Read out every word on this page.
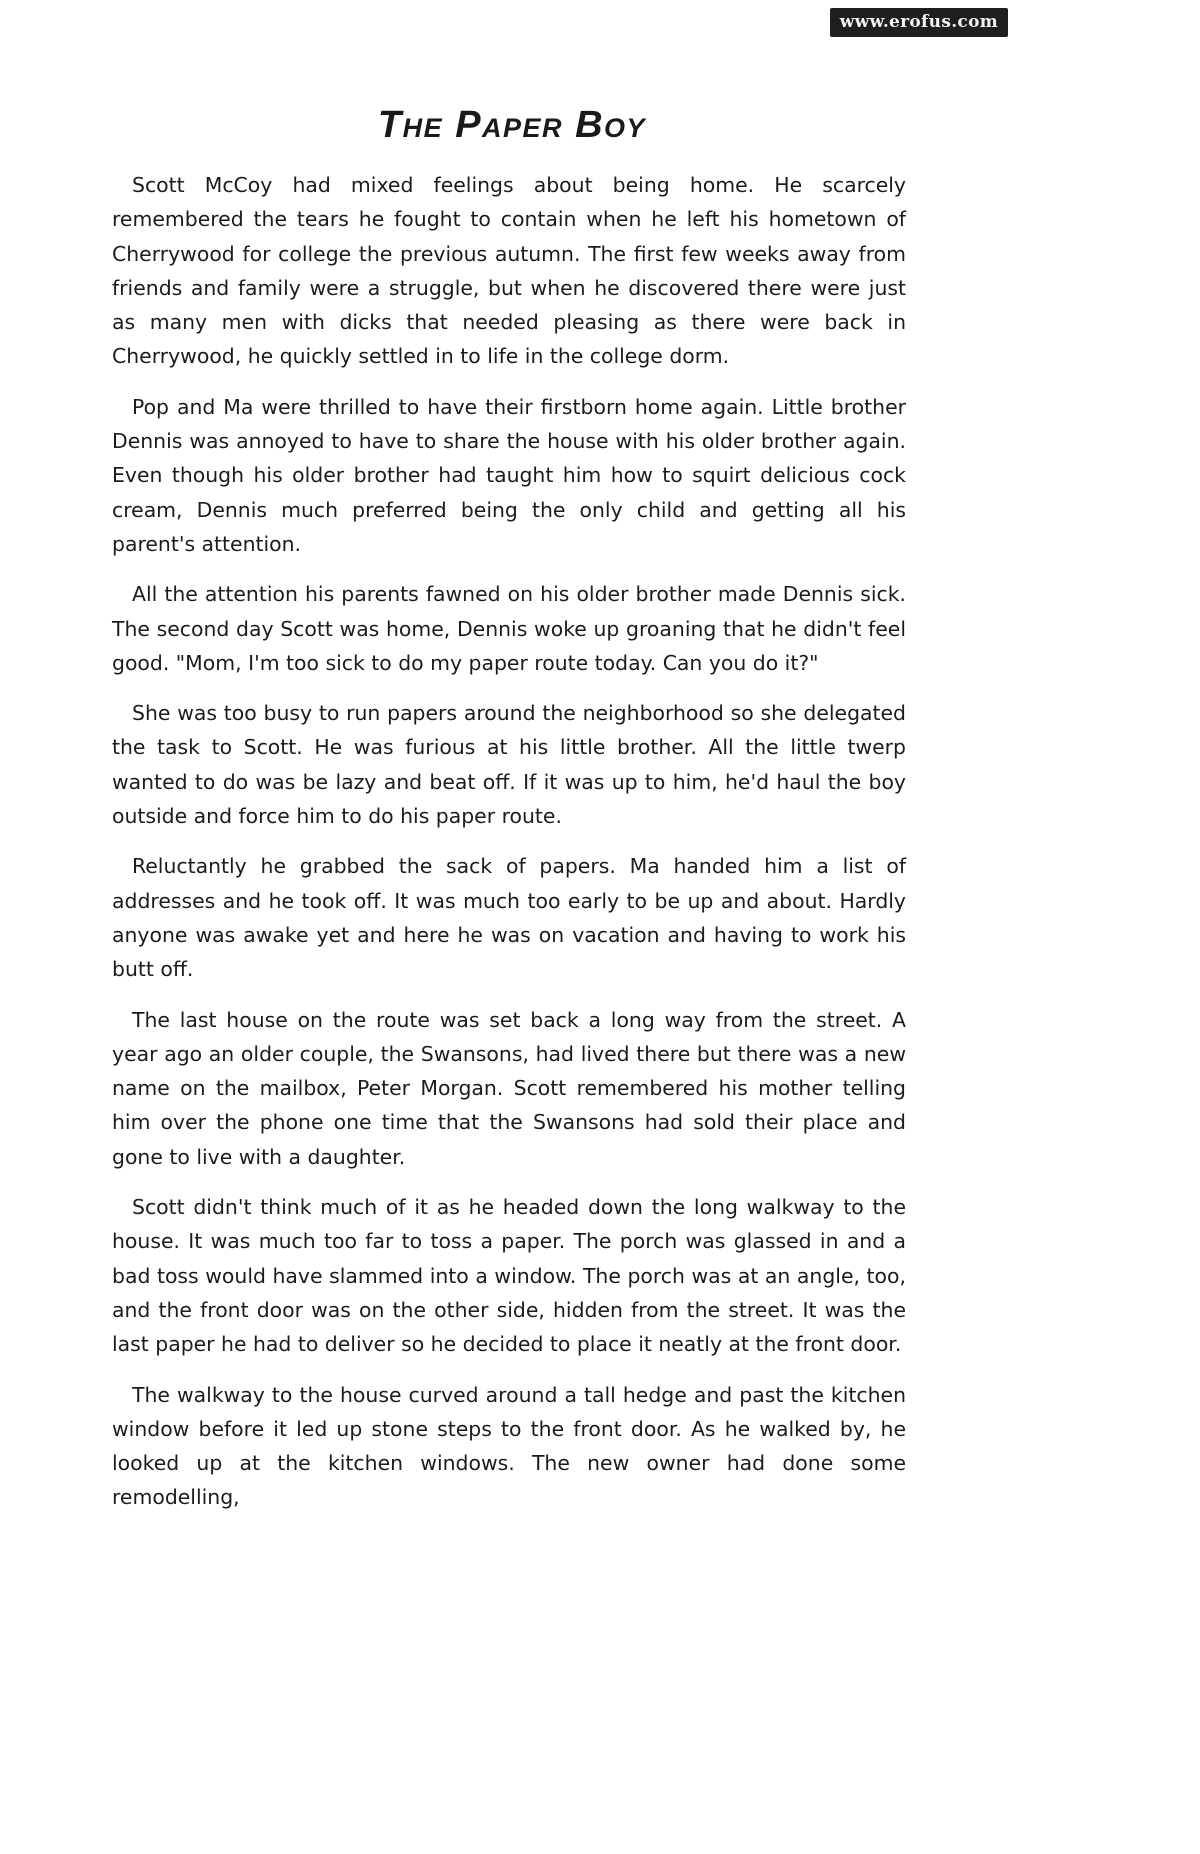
www.erofus.com
The Paper Boy

Scott McCoy had mixed feelings about being home. He scarcely remembered the tears he fought to contain when he left his hometown of Cherrywood for college the previous autumn. The first few weeks away from friends and family were a struggle, but when he discovered there were just as many men with dicks that needed pleasing as there were back in Cherrywood, he quickly settled in to life in the college dorm.

Pop and Ma were thrilled to have their firstborn home again. Little brother Dennis was annoyed to have to share the house with his older brother again. Even though his older brother had taught him how to squirt delicious cock cream, Dennis much preferred being the only child and getting all his parent's attention.

All the attention his parents fawned on his older brother made Dennis sick. The second day Scott was home, Dennis woke up groaning that he didn't feel good. "Mom, I'm too sick to do my paper route today. Can you do it?"

She was too busy to run papers around the neighborhood so she delegated the task to Scott. He was furious at his little brother. All the little twerp wanted to do was be lazy and beat off. If it was up to him, he'd haul the boy outside and force him to do his paper route.

Reluctantly he grabbed the sack of papers. Ma handed him a list of addresses and he took off. It was much too early to be up and about. Hardly anyone was awake yet and here he was on vacation and having to work his butt off.

The last house on the route was set back a long way from the street. A year ago an older couple, the Swansons, had lived there but there was a new name on the mailbox, Peter Morgan. Scott remembered his mother telling him over the phone one time that the Swansons had sold their place and gone to live with a daughter.

Scott didn't think much of it as he headed down the long walkway to the house. It was much too far to toss a paper. The porch was glassed in and a bad toss would have slammed into a window. The porch was at an angle, too, and the front door was on the other side, hidden from the street. It was the last paper he had to deliver so he decided to place it neatly at the front door.

The walkway to the house curved around a tall hedge and past the kitchen window before it led up stone steps to the front door. As he walked by, he looked up at the kitchen windows. The new owner had done some remodelling,
